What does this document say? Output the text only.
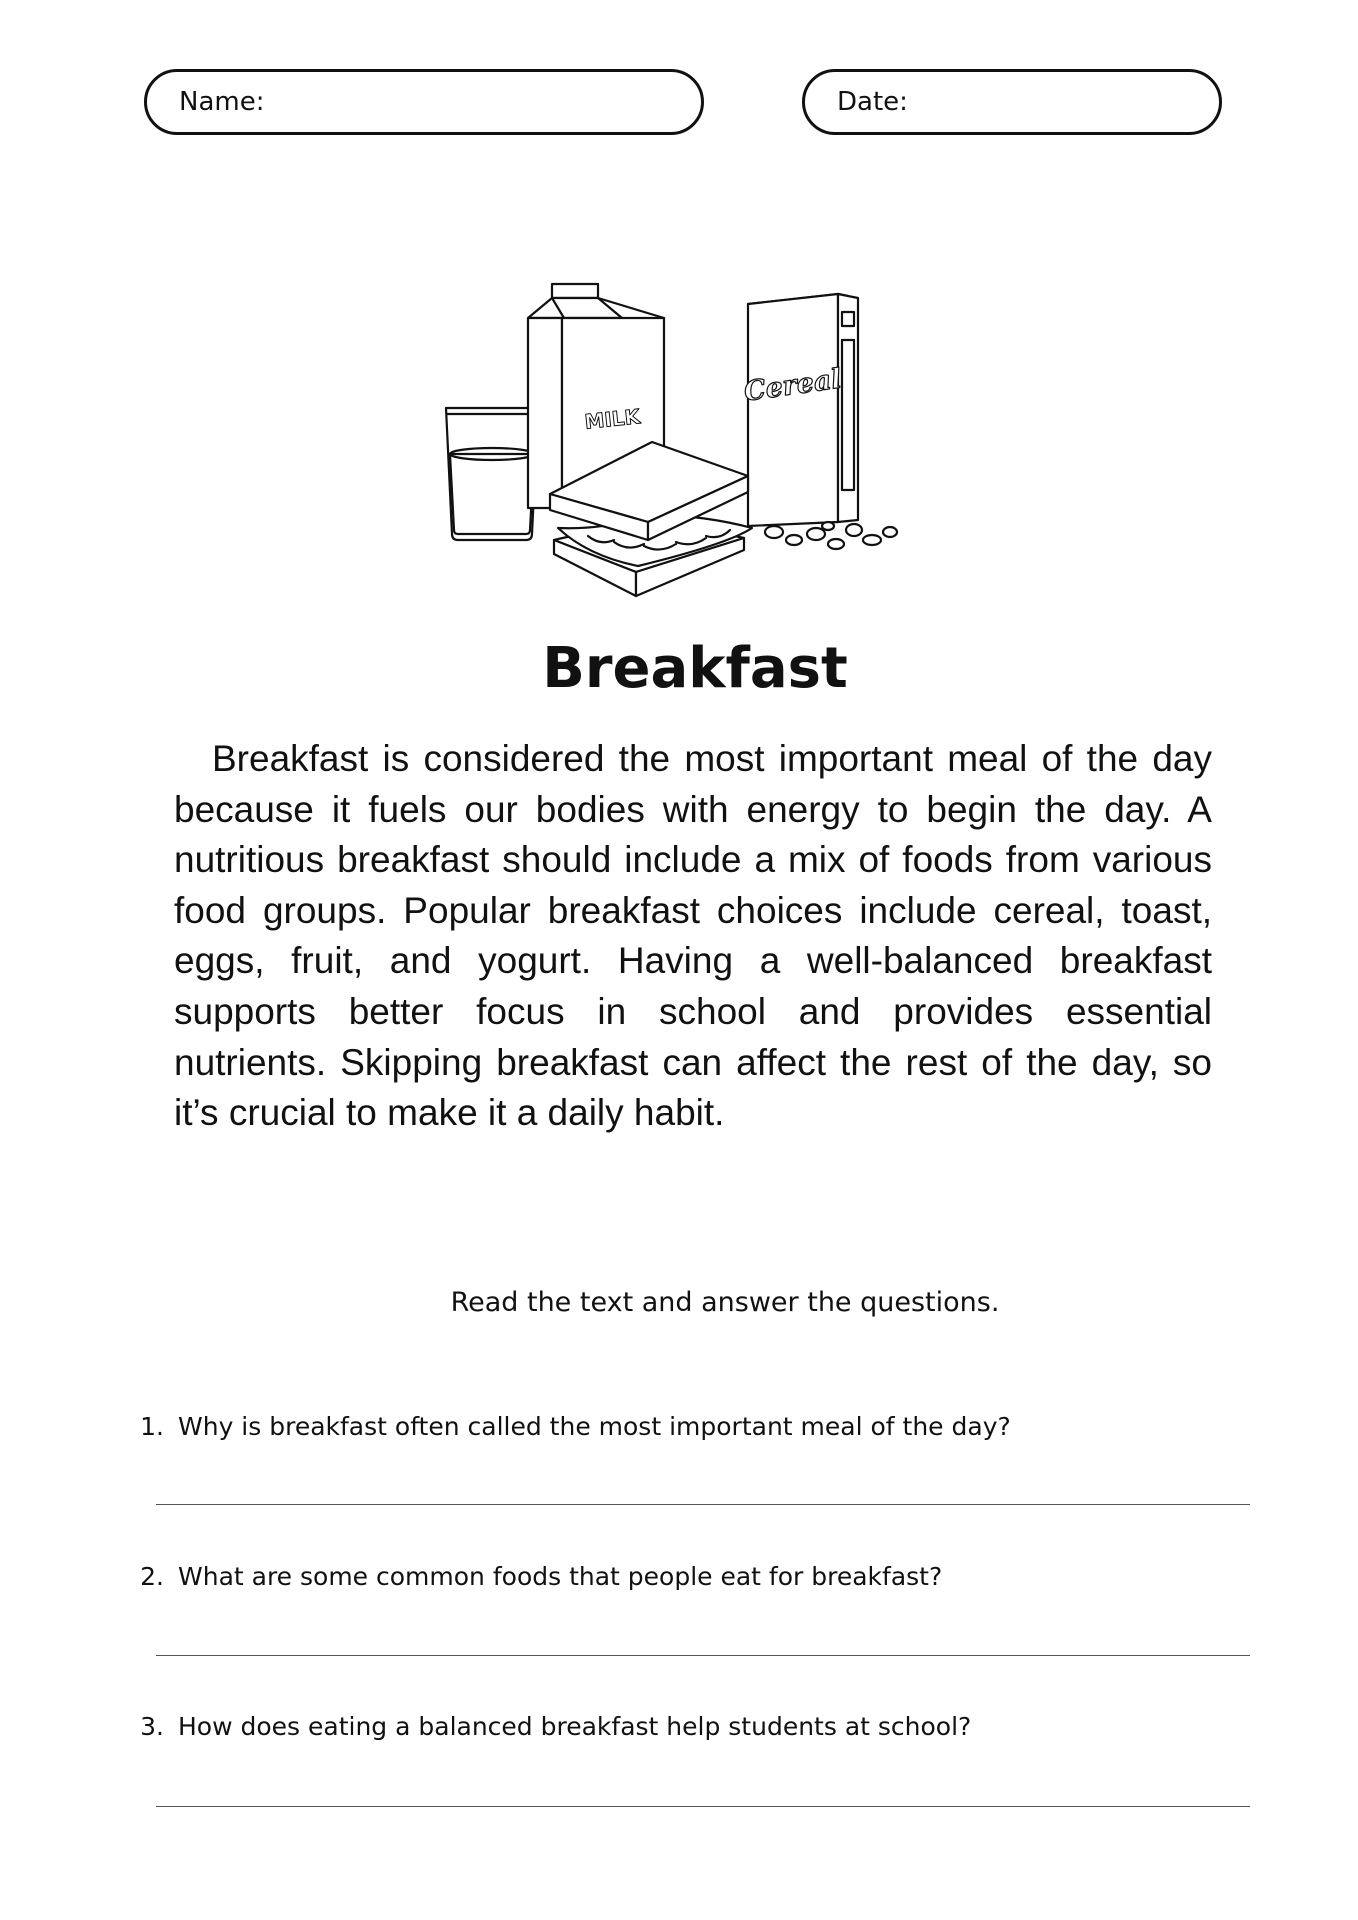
Name:	Date:
MILK
Cereal
Breakfast

Breakfast is considered the most important meal of the day because it fuels our bodies with energy to begin the day. A nutritious breakfast should include a mix of foods from various food groups. Popular breakfast choices include cereal, toast, eggs, fruit, and yogurt. Having a well-balanced breakfast supports better focus in school and provides essential nutrients. Skipping breakfast can affect the rest of the day, so it’s crucial to make it a daily habit.

Read the text and answer the questions.

1. Why is breakfast often called the most important meal of the day?

2. What are some common foods that people eat for breakfast?

3. How does eating a balanced breakfast help students at school?
